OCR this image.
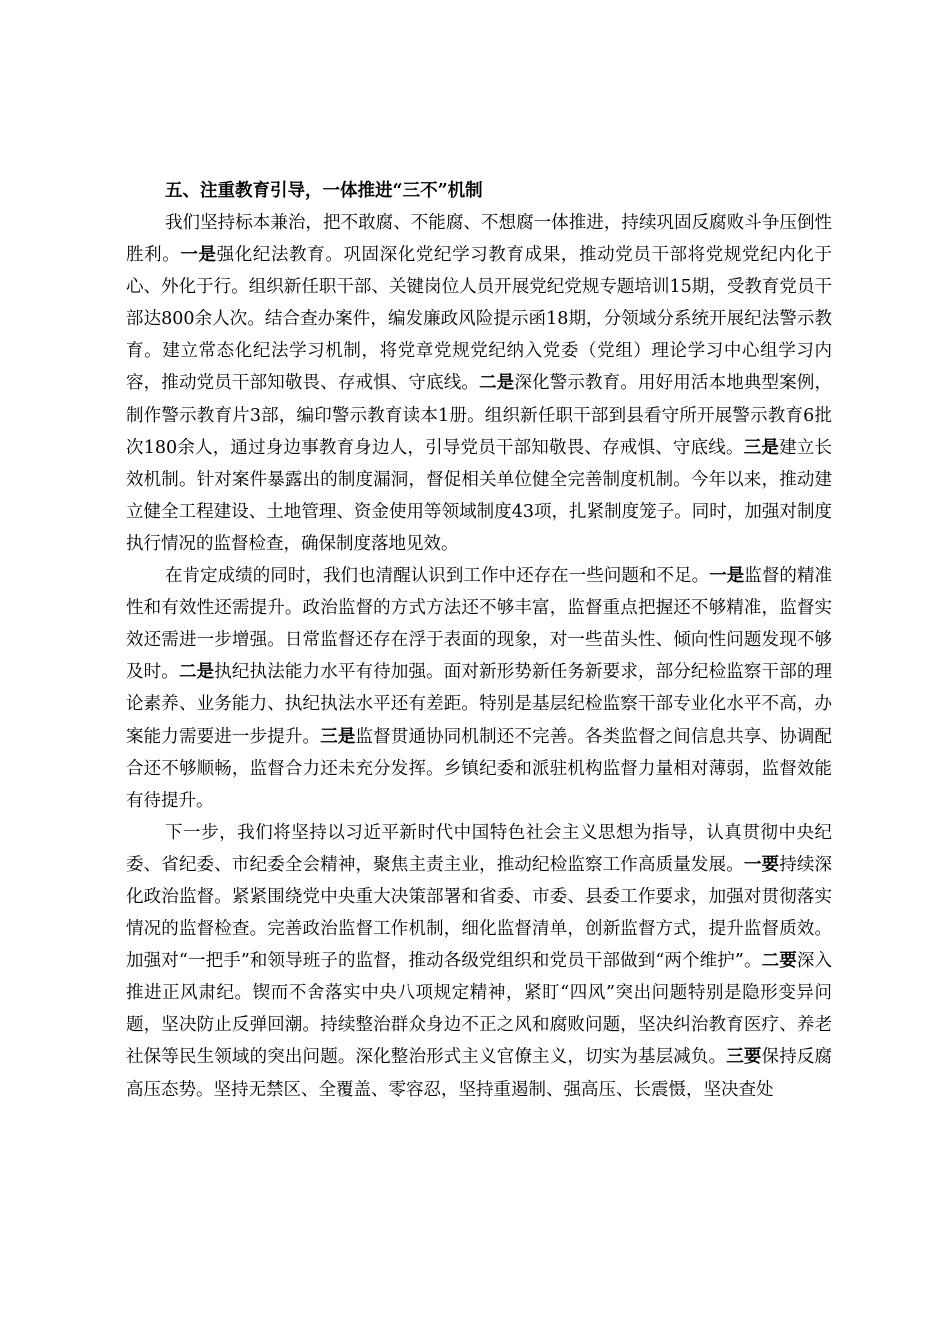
五、注重教育引导，一体推进“三不”机制

我们坚持标本兼治，把不敢腐、不能腐、不想腐一体推进，持续巩固反腐败斗争压倒性胜利。一是强化纪法教育。巩固深化党纪学习教育成果，推动党员干部将党规党纪内化于心、外化于行。组织新任职干部、关键岗位人员开展党纪党规专题培训15期，受教育党员干部达800余人次。结合查办案件，编发廉政风险提示函18期，分领域分系统开展纪法警示教育。建立常态化纪法学习机制，将党章党规党纪纳入党委（党组）理论学习中心组学习内容，推动党员干部知敬畏、存戒惧、守底线。二是深化警示教育。用好用活本地典型案例，制作警示教育片3部，编印警示教育读本1册。组织新任职干部到县看守所开展警示教育6批次180余人，通过身边事教育身边人，引导党员干部知敬畏、存戒惧、守底线。三是建立长效机制。针对案件暴露出的制度漏洞，督促相关单位健全完善制度机制。今年以来，推动建立健全工程建设、土地管理、资金使用等领域制度43项，扎紧制度笼子。同时，加强对制度执行情况的监督检查，确保制度落地见效。

在肯定成绩的同时，我们也清醒认识到工作中还存在一些问题和不足。一是监督的精准性和有效性还需提升。政治监督的方式方法还不够丰富，监督重点把握还不够精准，监督实效还需进一步增强。日常监督还存在浮于表面的现象，对一些苗头性、倾向性问题发现不够及时。二是执纪执法能力水平有待加强。面对新形势新任务新要求，部分纪检监察干部的理论素养、业务能力、执纪执法水平还有差距。特别是基层纪检监察干部专业化水平不高，办案能力需要进一步提升。三是监督贯通协同机制还不完善。各类监督之间信息共享、协调配合还不够顺畅，监督合力还未充分发挥。乡镇纪委和派驻机构监督力量相对薄弱，监督效能有待提升。

下一步，我们将坚持以习近平新时代中国特色社会主义思想为指导，认真贯彻中央纪委、省纪委、市纪委全会精神，聚焦主责主业，推动纪检监察工作高质量发展。一要持续深化政治监督。紧紧围绕党中央重大决策部署和省委、市委、县委工作要求，加强对贯彻落实情况的监督检查。完善政治监督工作机制，细化监督清单，创新监督方式，提升监督质效。加强对“一把手”和领导班子的监督，推动各级党组织和党员干部做到“两个维护”。二要深入推进正风肃纪。锲而不舍落实中央八项规定精神，紧盯“四风”突出问题特别是隐形变异问题，坚决防止反弹回潮。持续整治群众身边不正之风和腐败问题，坚决纠治教育医疗、养老社保等民生领域的突出问题。深化整治形式主义官僚主义，切实为基层减负。三要保持反腐高压态势。坚持无禁区、全覆盖、零容忍，坚持重遏制、强高压、长震慑，坚决查处
